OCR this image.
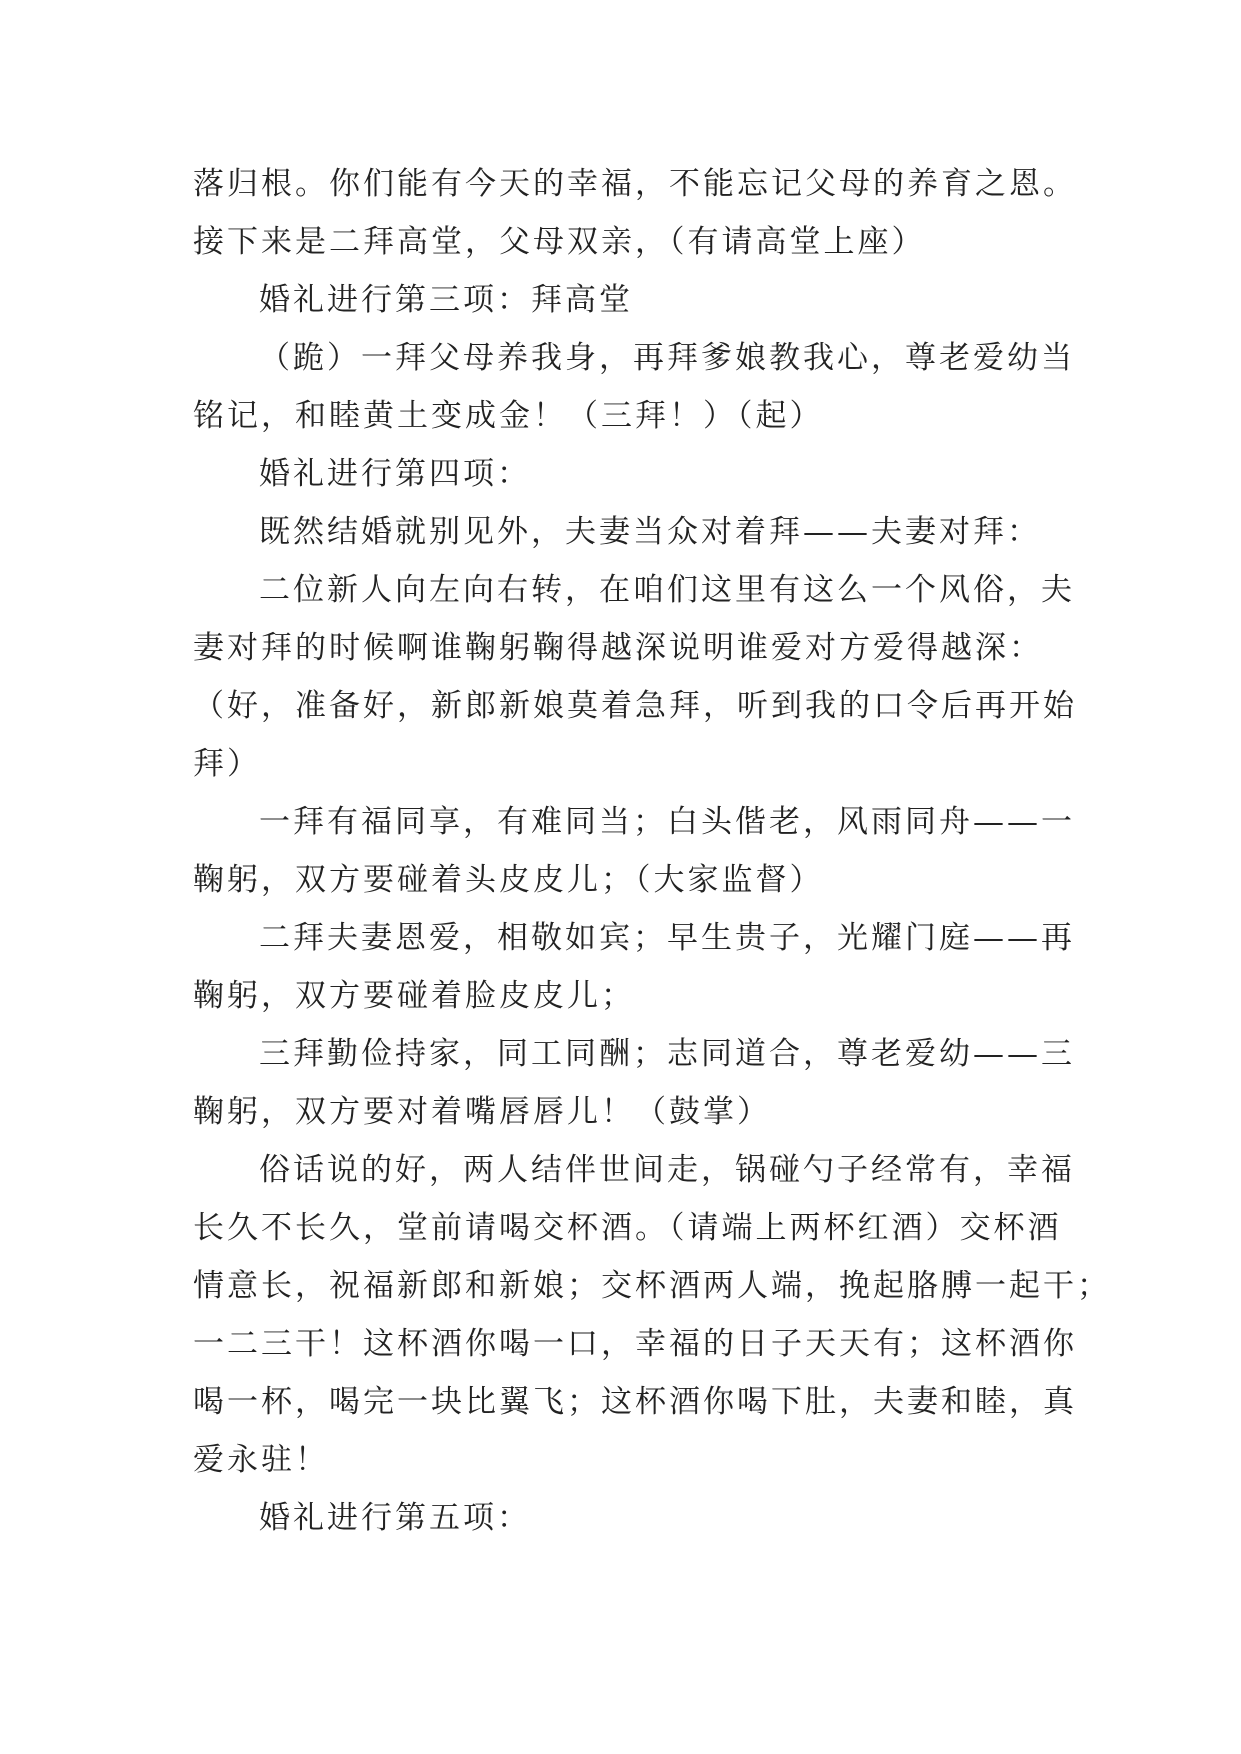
落归根。你们能有今天的幸福，不能忘记父母的养育之恩。
接下来是二拜高堂，父母双亲，（有请高堂上座）
婚礼进行第三项：拜高堂
（跪）一拜父母养我身，再拜爹娘教我心，尊老爱幼当
铭记，和睦黄土变成金！（三拜！）（起）
婚礼进行第四项：
既然结婚就别见外，夫妻当众对着拜——夫妻对拜：
二位新人向左向右转，在咱们这里有这么一个风俗，夫
妻对拜的时候啊谁鞠躬鞠得越深说明谁爱对方爱得越深：
（好，准备好，新郎新娘莫着急拜，听到我的口令后再开始
拜）
一拜有福同享，有难同当；白头偕老，风雨同舟——一
鞠躬，双方要碰着头皮皮儿；（大家监督）
二拜夫妻恩爱，相敬如宾；早生贵子，光耀门庭——再
鞠躬，双方要碰着脸皮皮儿；
三拜勤俭持家，同工同酬；志同道合，尊老爱幼——三
鞠躬，双方要对着嘴唇唇儿！（鼓掌）
俗话说的好，两人结伴世间走，锅碰勺子经常有，幸福
长久不长久，堂前请喝交杯酒。（请端上两杯红酒）交杯酒
情意长，祝福新郎和新娘；交杯酒两人端，挽起胳膊一起干；
一二三干！这杯酒你喝一口，幸福的日子天天有；这杯酒你
喝一杯，喝完一块比翼飞；这杯酒你喝下肚，夫妻和睦，真
爱永驻！
婚礼进行第五项：
